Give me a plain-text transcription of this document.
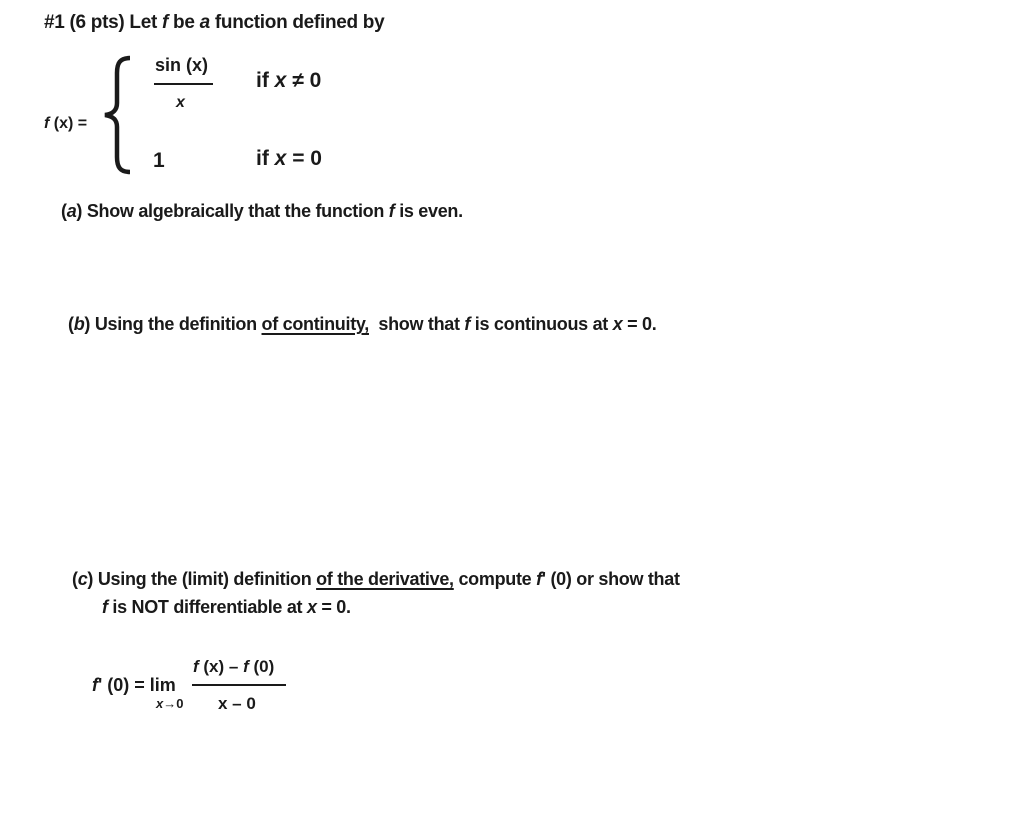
#1 (6 pts) Let f be a function defined by
f (x) =
sin (x)
x
if x ≠ 0
1	if x = 0
(a) Show algebraically that the function f is even.
(b) Using the definition of continuity, show that f is continuous at x = 0.
(c) Using the (limit) definition of the derivative, compute f' (0) or show that
f is NOT differentiable at x = 0.
f' (0) = lim
x→0
f (x) – f (0)
x – 0
